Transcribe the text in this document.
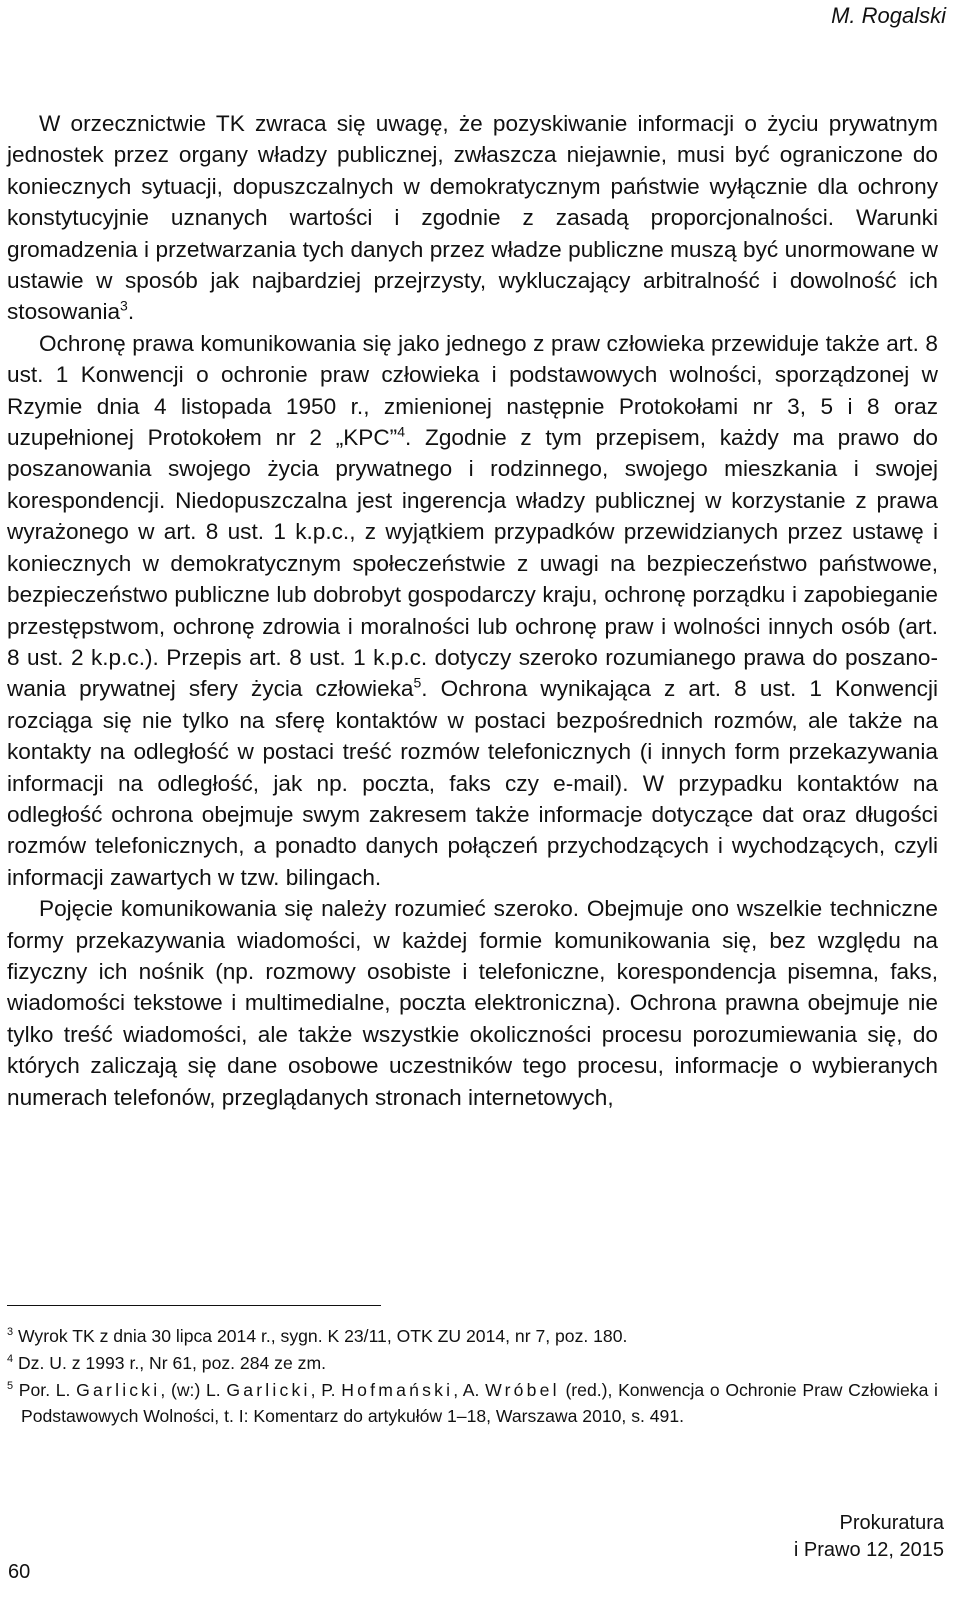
M. Rogalski

W orzecznictwie TK zwraca się uwagę, że pozyskiwanie informacji o życiu prywatnym jednostek przez organy władzy publicznej, zwłaszcza niejawnie, musi być ograniczone do koniecznych sytuacji, dopuszczalnych w demokratycznym państwie wyłącznie dla ochrony konstytucyjnie uznanych wartości i zgodnie z zasadą proporcjonalności. Warunki gromadzenia i przetwarzania tych danych przez władze publiczne muszą być unormowane w ustawie w sposób jak najbardziej przejrzysty, wykluczający arbitralność i dowolność ich stosowania$^3$.

Ochronę prawa komunikowania się jako jednego z praw człowieka przewiduje także art. 8 ust. 1 Konwencji o ochronie praw człowieka i podstawowych wolności, sporządzonej w Rzymie dnia 4 listopada 1950 r., zmienionej następnie Protokołami nr 3, 5 i 8 oraz uzupełnionej Protokołem nr 2 „KPC”$^4$. Zgodnie z tym przepisem, każdy ma prawo do poszanowania swojego życia prywatnego i rodzinnego, swojego mieszkania i swojej korespondencji. Niedopuszczalna jest ingerencja władzy publicznej w korzystanie z prawa wyrażonego w art. 8 ust. 1 k.p.c., z wyjątkiem przypadków przewidzianych przez ustawę i koniecznych w demokratycznym społeczeństwie z uwagi na bezpieczeństwo państwowe, bezpieczeństwo publiczne lub dobrobyt gospodarczy kraju, ochronę porządku i zapobieganie przestępstwom, ochronę zdrowia i moralności lub ochronę praw i wolności innych osób (art. 8 ust. 2 k.p.c.). Przepis art. 8 ust. 1 k.p.c. dotyczy szeroko rozumianego prawa do poszanowania prywatnej sfery życia człowieka$^5$. Ochrona wynikająca z art. 8 ust. 1 Konwencji rozciąga się nie tylko na sferę kontaktów w postaci bezpośrednich rozmów, ale także na kontakty na odległość w postaci treść rozmów telefonicznych (i innych form przekazywania informacji na odległość, jak np. poczta, faks czy e-mail). W przypadku kontaktów na odległość ochrona obejmuje swym zakresem także informacje dotyczące dat oraz długości rozmów telefonicznych, a ponadto danych połączeń przychodzących i wychodzących, czyli informacji zawartych w tzw. bilingach.

Pojęcie komunikowania się należy rozumieć szeroko. Obejmuje ono wszelkie techniczne formy przekazywania wiadomości, w każdej formie komunikowania się, bez względu na fizyczny ich nośnik (np. rozmowy osobiste i telefoniczne, korespondencja pisemna, faks, wiadomości tekstowe i multimedialne, poczta elektroniczna). Ochrona prawna obejmuje nie tylko treść wiadomości, ale także wszystkie okoliczności procesu porozumiewania się, do których zaliczają się dane osobowe uczestników tego procesu, informacje o wybieranych numerach telefonów, przeglądanych stronach internetowych,

$^3$ Wyrok TK z dnia 30 lipca 2014 r., sygn. K 23/11, OTK ZU 2014, nr 7, poz. 180.

$^4$ Dz. U. z 1993 r., Nr 61, poz. 284 ze zm.

$^5$ Por. L. Garlicki, (w:) L. Garlicki, P. Hofmański, A. Wróbel (red.), Konwencja o Ochronie Praw Człowieka i Podstawowych Wolności, t. I: Komentarz do artykułów 1–18, Warszawa 2010, s. 491.

60
Prokuratura
i Prawo 12, 2015
